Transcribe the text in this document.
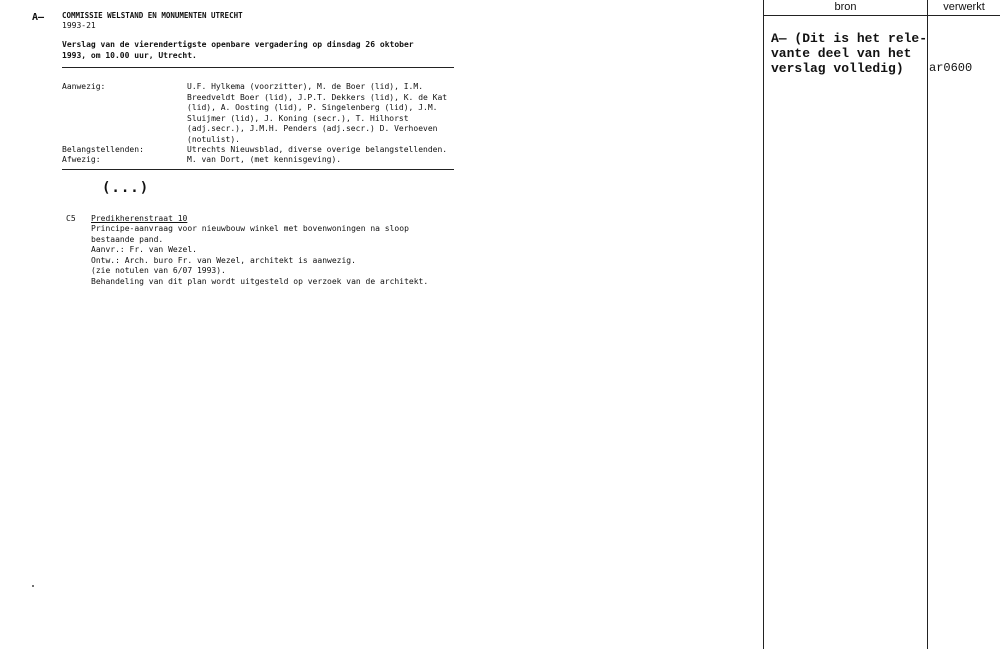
A— COMMISSIE WELSTAND EN MONUMENTEN UTRECHT
1993-21
Verslag van de vierendertigste openbare vergadering op dinsdag 26 oktober
1993, om 10.00 uur, Utrecht.
Aanwezig:	U.F. Hylkema (voorzitter), M. de Boer (lid), I.M.
Breedveldt Boer (lid), J.P.T. Dekkers (lid), K. de Kat
(lid), A. Oosting (lid), P. Singelenberg (lid), J.M.
Sluijmer (lid), J. Koning (secr.), T. Hilhorst
(adj.secr.), J.M.H. Penders (adj.secr.) D. Verhoeven
(notulist).
Belangstellenden:	Utrechts Nieuwsblad, diverse overige belangstellenden.
Afwezig:	M. van Dort, (met kennisgeving).
(...)
C5 Predikherenstraat 10
Principe-aanvraag voor nieuwbouw winkel met bovenwoningen na sloop
bestaande pand.
Aanvr.: Fr. van Wezel.
Ontw.: Arch. buro Fr. van Wezel, architekt is aanwezig.
(zie notulen van 6/07 1993).
Behandeling van dit plan wordt uitgesteld op verzoek van de architekt.
bron	verwerkt
A— (Dit is het rele-
vante deel van het
verslag volledig)	ar0600
